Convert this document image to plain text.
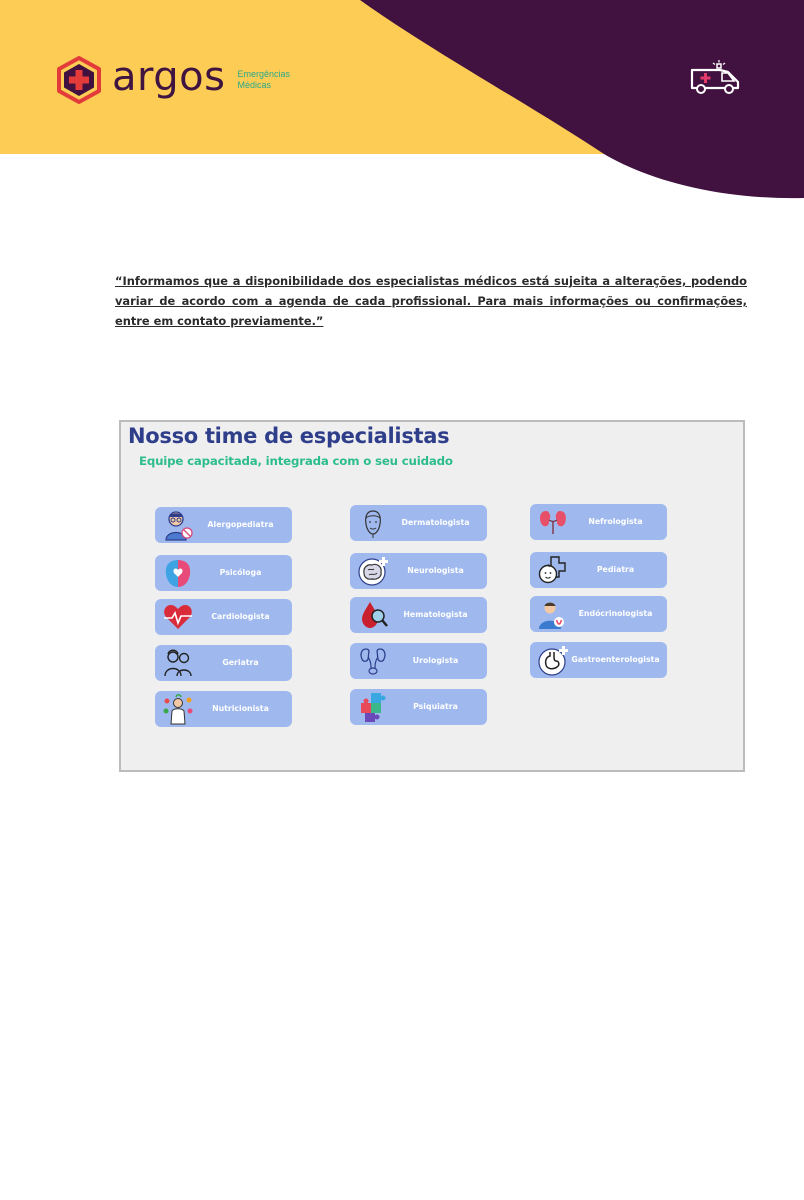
argos Emergências
Médicas

“Informamos que a disponibilidade dos especialistas médicos está sujeita a alterações, podendo variar de acordo com a agenda de cada profissional. Para mais informações ou confirmações, entre em contato previamente.”

Nosso time de especialistas
Equipe capacitada, integrada com o seu cuidado
Alergopediatra
Psicóloga
Cardiologista
Geriatra
Nutricionista
Dermatologista
Neurologista
Hematologista
Urologista
Psiquiatra
Nefrologista
Pediatra
Endócrinologista
Gastroenterologista
